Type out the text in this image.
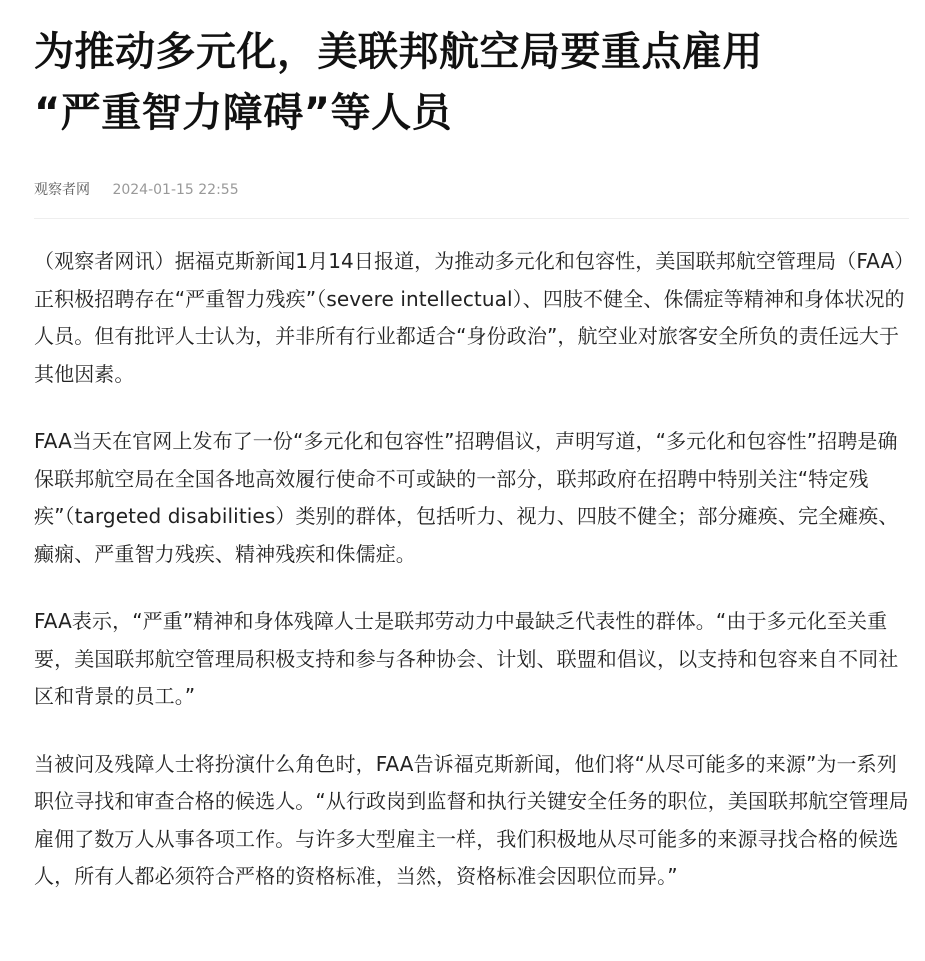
为推动多元化，美联邦航空局要重点雇用
“严重智力障碍”等人员
观察者网 2024-01-15 22:55

（观察者网讯）据福克斯新闻1月14日报道，为推动多元化和包容性，美国联邦航空管理局（FAA）正积极招聘存在“严重智力残疾”（severe intellectual）、四肢不健全、侏儒症等精神和身体状况的人员。但有批评人士认为，并非所有行业都适合“身份政治”，航空业对旅客安全所负的责任远大于其他因素。

FAA当天在官网上发布了一份“多元化和包容性”招聘倡议，声明写道，“多元化和包容性”招聘是确保联邦航空局在全国各地高效履行使命不可或缺的一部分，联邦政府在招聘中特别关注“特定残疾”（targeted disabilities）类别的群体，包括听力、视力、四肢不健全；部分瘫痪、完全瘫痪、癫痫、严重智力残疾、精神残疾和侏儒症。

FAA表示，“严重”精神和身体残障人士是联邦劳动力中最缺乏代表性的群体。“由于多元化至关重要，美国联邦航空管理局积极支持和参与各种协会、计划、联盟和倡议，以支持和包容来自不同社区和背景的员工。”

当被问及残障人士将扮演什么角色时，FAA告诉福克斯新闻，他们将“从尽可能多的来源”为一系列职位寻找和审查合格的候选人。“从行政岗到监督和执行关键安全任务的职位，美国联邦航空管理局雇佣了数万人从事各项工作。与许多大型雇主一样，我们积极地从尽可能多的来源寻找合格的候选人，所有人都必须符合严格的资格标准，当然，资格标准会因职位而异。”
